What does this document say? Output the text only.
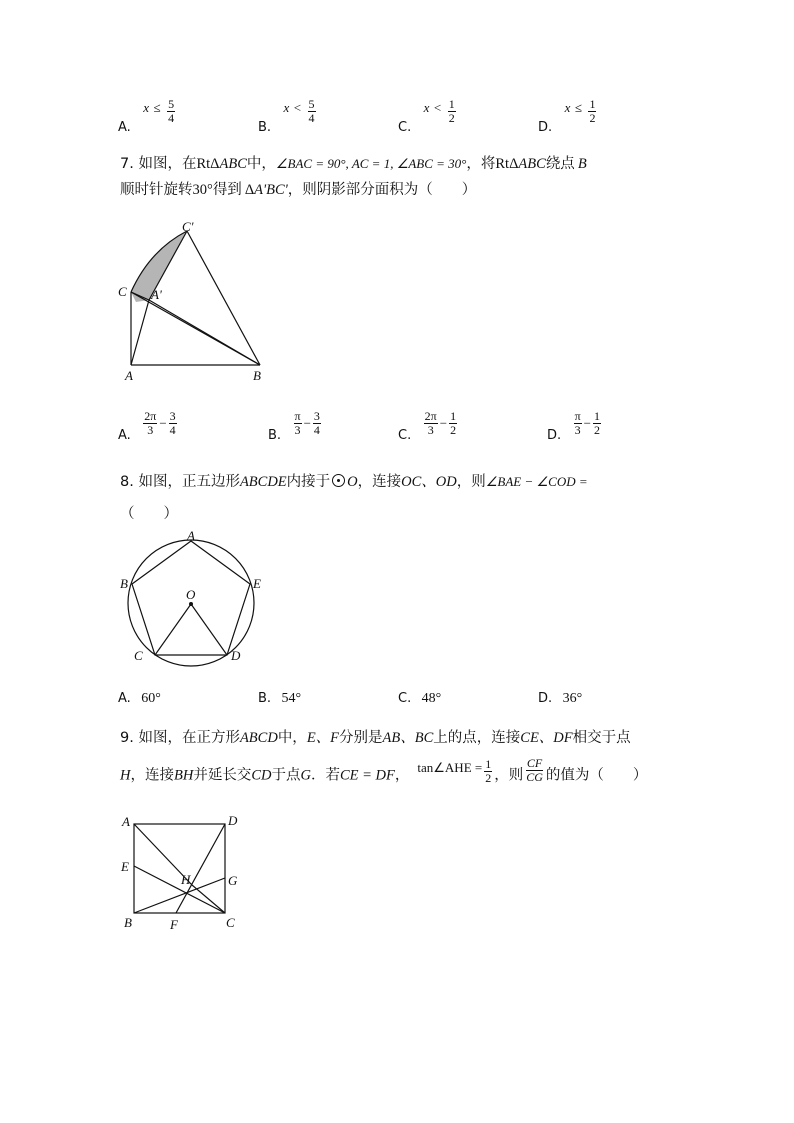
A. $x \le \frac{5}{4}$
B. $x < \frac{5}{4}$
C. $x < \frac{1}{2}$
D. $x \le \frac{1}{2}$
7. 如图，在RtΔABC中，∠BAC = 90°, AC = 1, ∠ABC = 30°，将RtΔABC绕点 B
顺时针旋转30°得到 ΔA'BC'，则阴影部分面积为（　　）
C'
C A'
A	B
A. $\frac{2\pi}{3} - \frac{3}{4}$	B. $\frac{\pi}{3} - \frac{3}{4}$	C. $\frac{2\pi}{3} - \frac{1}{2}$	D. $\frac{\pi}{3} - \frac{1}{2}$
8. 如图，正五边形ABCDE内接于 O，连接OC、OD，则∠BAE − ∠COD =
（　　）
A
B	E
O
C	D
A. 60°	B. 54°	C. 48°	D. 36°
9. 如图，在正方形ABCD中，E、F分别是AB、BC上的点，连接CE、DF相交于点
H，连接BH并延长交CD于点G．若CE = DF，tan∠AHE = $\frac{1}{2}$ ，则 $\frac{CF}{CG}$ 的值为（　　）
A	D
E
H	G
B	F	C
